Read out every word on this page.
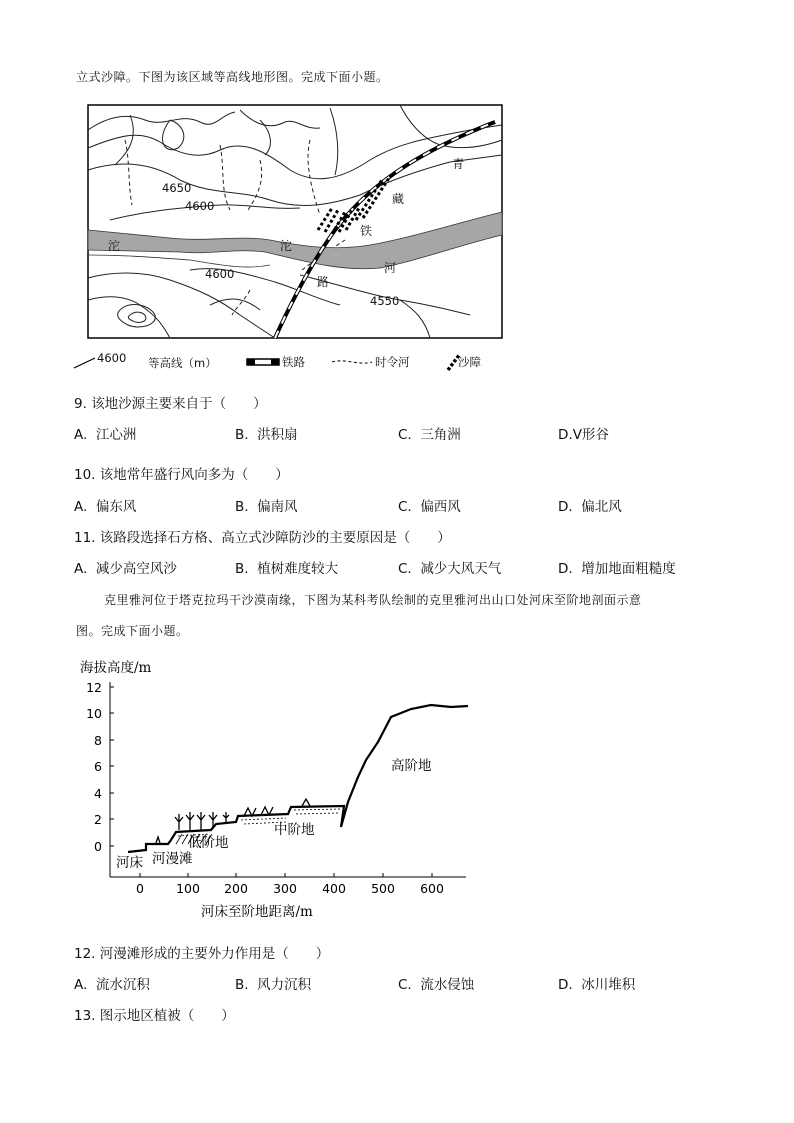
立式沙障。下图为该区域等高线地形图。完成下面小题。
4650
4600
4600
4550
沱	沱
河
青
藏
铁
路
4600 等高线（m）	铁路	时令河	沙障
9. 该地沙源主要来自于（　　）
A. 江心洲	B. 洪积扇	C. 三角洲	D.V形谷
10. 该地常年盛行风向多为（　　）
A. 偏东风	B. 偏南风	C. 偏西风	D. 偏北风
11. 该路段选择石方格、高立式沙障防沙的主要原因是（　　）
A. 减少高空风沙	B. 植树难度较大	C. 减少大风天气	D. 增加地面粗糙度
克里雅河位于塔克拉玛干沙漠南缘，下图为某科考队绘制的克里雅河出山口处河床至阶地剖面示意
图。完成下面小题。
海拔高度/m
12
10
8
6
4
2
0
0	100 200 300 400 500 600
河床至阶地距离/m
河床 河漫滩
低阶地
中阶地
高阶地
12. 河漫滩形成的主要外力作用是（　　）
A. 流水沉积	B. 风力沉积	C. 流水侵蚀	D. 冰川堆积
13. 图示地区植被（　　）
